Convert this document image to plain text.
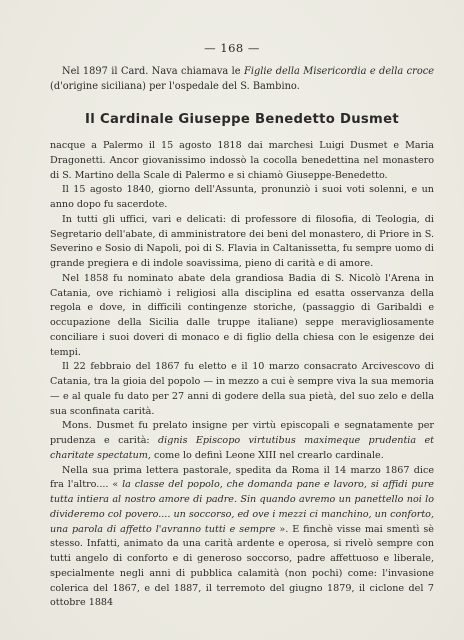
— 168 —

Nel 1897 il Card. Nava chiamava le Figlie della Misericordia e della croce (d'origine siciliana) per l'ospedale del S. Bambino.

Il Cardinale Giuseppe Benedetto Dusmet

nacque a Palermo il 15 agosto 1818 dai marchesi Luigi Dusmet e Maria Dragonetti. Ancor giovanissimo indossò la cocolla benedettina nel monastero di S. Martino della Scale di Palermo e si chiamò Giuseppe-Benedetto.

Il 15 agosto 1840, giorno dell'Assunta, pronunziò i suoi voti solenni, e un anno dopo fu sacerdote.

In tutti gli uffici, vari e delicati: di professore di filosofia, di Teologia, di Segretario dell'abate, di amministratore dei beni del monastero, di Priore in S. Severino e Sosio di Napoli, poi di S. Flavia in Caltanissetta, fu sempre uomo di grande pregiera e di indole soavissima, pieno di carità e di amore.

Nel 1858 fu nominato abate dela grandiosa Badia di S. Nicolò l'Arena in Catania, ove richiamò i religiosi alla disciplina ed esatta osservanza della regola e dove, in difficili contingenze storiche, (passaggio di Garibaldi e occupazione della Sicilia dalle truppe italiane) seppe meravigliosamente conciliare i suoi doveri di monaco e di figlio della chiesa con le esigenze dei tempi.

Il 22 febbraio del 1867 fu eletto e il 10 marzo consacrato Arcivescovo di Catania, tra la gioia del popolo — in mezzo a cui è sempre viva la sua memoria — e al quale fu dato per 27 anni di godere della sua pietà, del suo zelo e della sua sconfinata carità.

Mons. Dusmet fu prelato insigne per virtù episcopali e segnatamente per prudenza e carità: dignis Episcopo virtutibus maximeque prudentia et charitate spectatum, come lo definì Leone XIII nel crearlo cardinale.

Nella sua prima lettera pastorale, spedita da Roma il 14 marzo 1867 dice fra l'altro.... « la classe del popolo, che domanda pane e lavoro, si affidi pure tutta intiera al nostro amore di padre. Sin quando avremo un panettello noi lo divideremo col povero.... un soccorso, ed ove i mezzi ci manchino, un conforto, una parola di affetto l'avranno tutti e sempre ». E finchè visse mai smentì sè stesso. Infatti, animato da una carità ardente e operosa, si rivelò sempre con tutti angelo di conforto e di generoso soccorso, padre affettuoso e liberale, specialmente negli anni di pubblica calamità (non pochi) come: l'invasione colerica del 1867, e del 1887, il terremoto del giugno 1879, il ciclone del 7 ottobre 1884
